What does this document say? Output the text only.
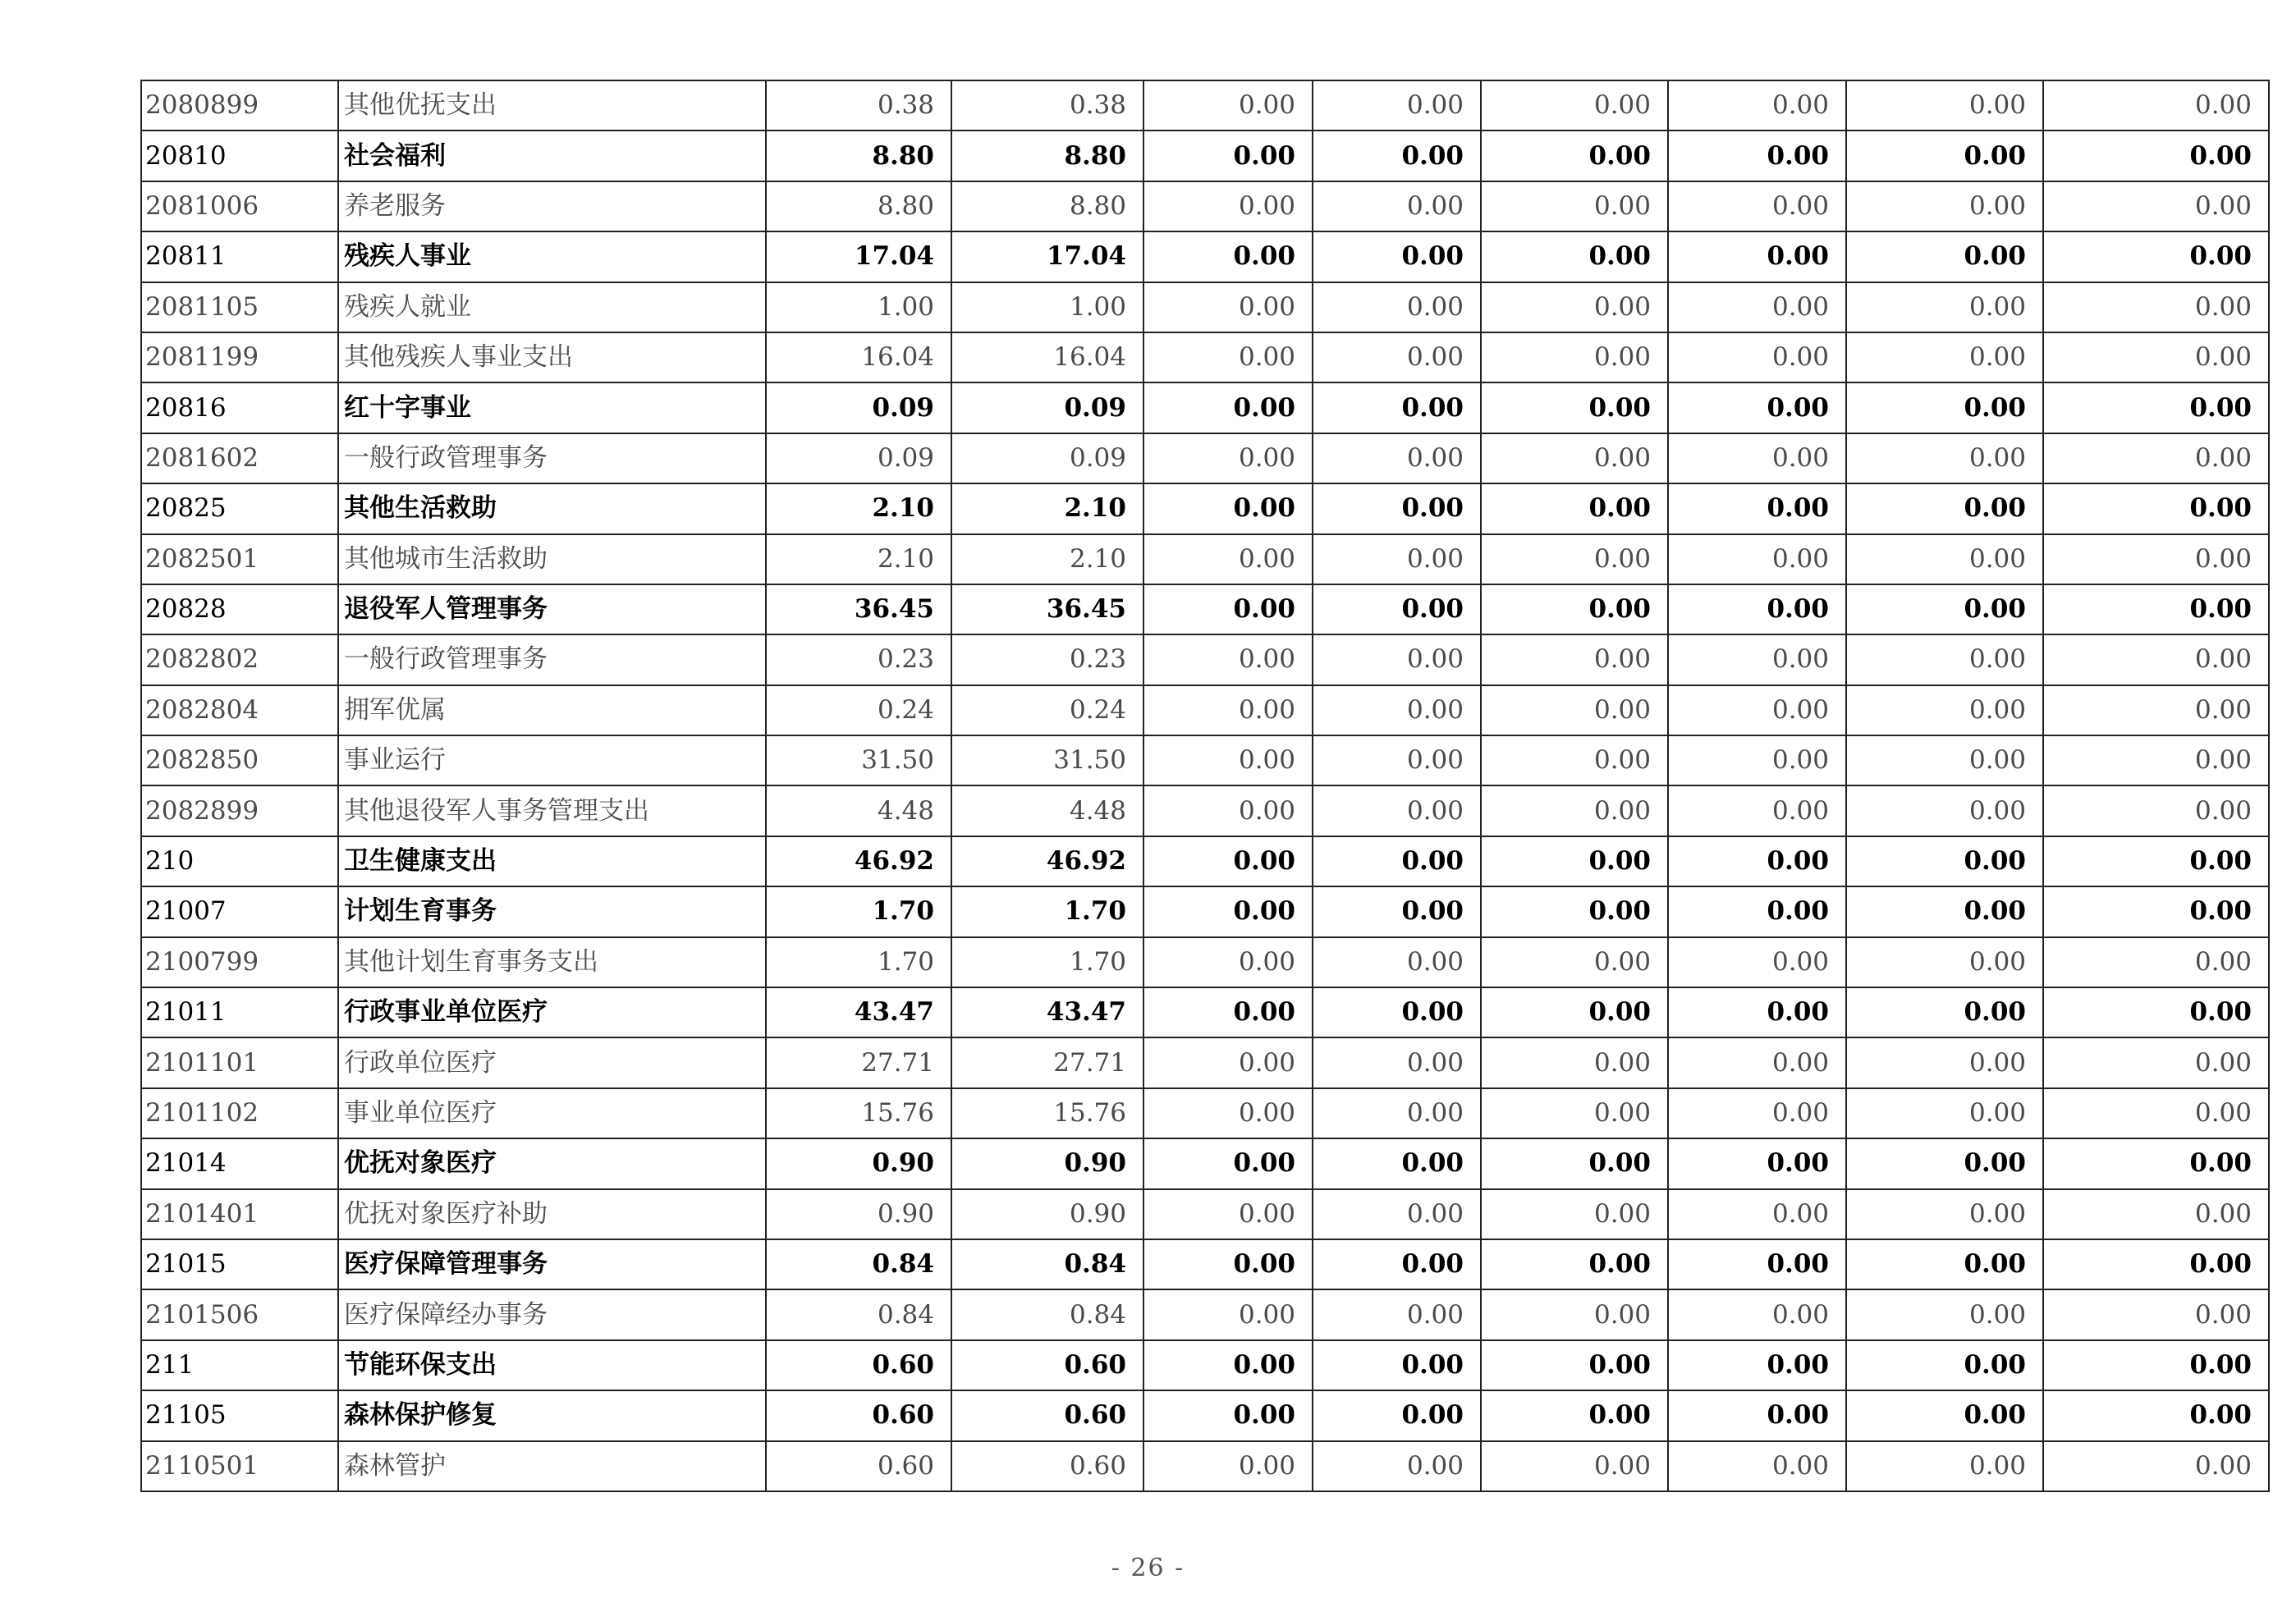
2080899	其他优抚支出	0.38	0.38	0.00	0.00	0.00	0.00	0.00	0.00
20810	社会福利	8.80	8.80	0.00	0.00	0.00	0.00	0.00	0.00
2081006	养老服务	8.80	8.80	0.00	0.00	0.00	0.00	0.00	0.00
20811	残疾人事业	17.04	17.04	0.00	0.00	0.00	0.00	0.00	0.00
2081105	残疾人就业	1.00	1.00	0.00	0.00	0.00	0.00	0.00	0.00
2081199	其他残疾人事业支出	16.04	16.04	0.00	0.00	0.00	0.00	0.00	0.00
20816	红十字事业	0.09	0.09	0.00	0.00	0.00	0.00	0.00	0.00
2081602	一般行政管理事务	0.09	0.09	0.00	0.00	0.00	0.00	0.00	0.00
20825	其他生活救助	2.10	2.10	0.00	0.00	0.00	0.00	0.00	0.00
2082501	其他城市生活救助	2.10	2.10	0.00	0.00	0.00	0.00	0.00	0.00
20828	退役军人管理事务	36.45	36.45	0.00	0.00	0.00	0.00	0.00	0.00
2082802	一般行政管理事务	0.23	0.23	0.00	0.00	0.00	0.00	0.00	0.00
2082804	拥军优属	0.24	0.24	0.00	0.00	0.00	0.00	0.00	0.00
2082850	事业运行	31.50	31.50	0.00	0.00	0.00	0.00	0.00	0.00
2082899	其他退役军人事务管理支出	4.48	4.48	0.00	0.00	0.00	0.00	0.00	0.00
210	卫生健康支出	46.92	46.92	0.00	0.00	0.00	0.00	0.00	0.00
21007	计划生育事务	1.70	1.70	0.00	0.00	0.00	0.00	0.00	0.00
2100799	其他计划生育事务支出	1.70	1.70	0.00	0.00	0.00	0.00	0.00	0.00
21011	行政事业单位医疗	43.47	43.47	0.00	0.00	0.00	0.00	0.00	0.00
2101101	行政单位医疗	27.71	27.71	0.00	0.00	0.00	0.00	0.00	0.00
2101102	事业单位医疗	15.76	15.76	0.00	0.00	0.00	0.00	0.00	0.00
21014	优抚对象医疗	0.90	0.90	0.00	0.00	0.00	0.00	0.00	0.00
2101401	优抚对象医疗补助	0.90	0.90	0.00	0.00	0.00	0.00	0.00	0.00
21015	医疗保障管理事务	0.84	0.84	0.00	0.00	0.00	0.00	0.00	0.00
2101506	医疗保障经办事务	0.84	0.84	0.00	0.00	0.00	0.00	0.00	0.00
211	节能环保支出	0.60	0.60	0.00	0.00	0.00	0.00	0.00	0.00
21105	森林保护修复	0.60	0.60	0.00	0.00	0.00	0.00	0.00	0.00
2110501	森林管护	0.60	0.60	0.00	0.00	0.00	0.00	0.00	0.00
- 26 -
